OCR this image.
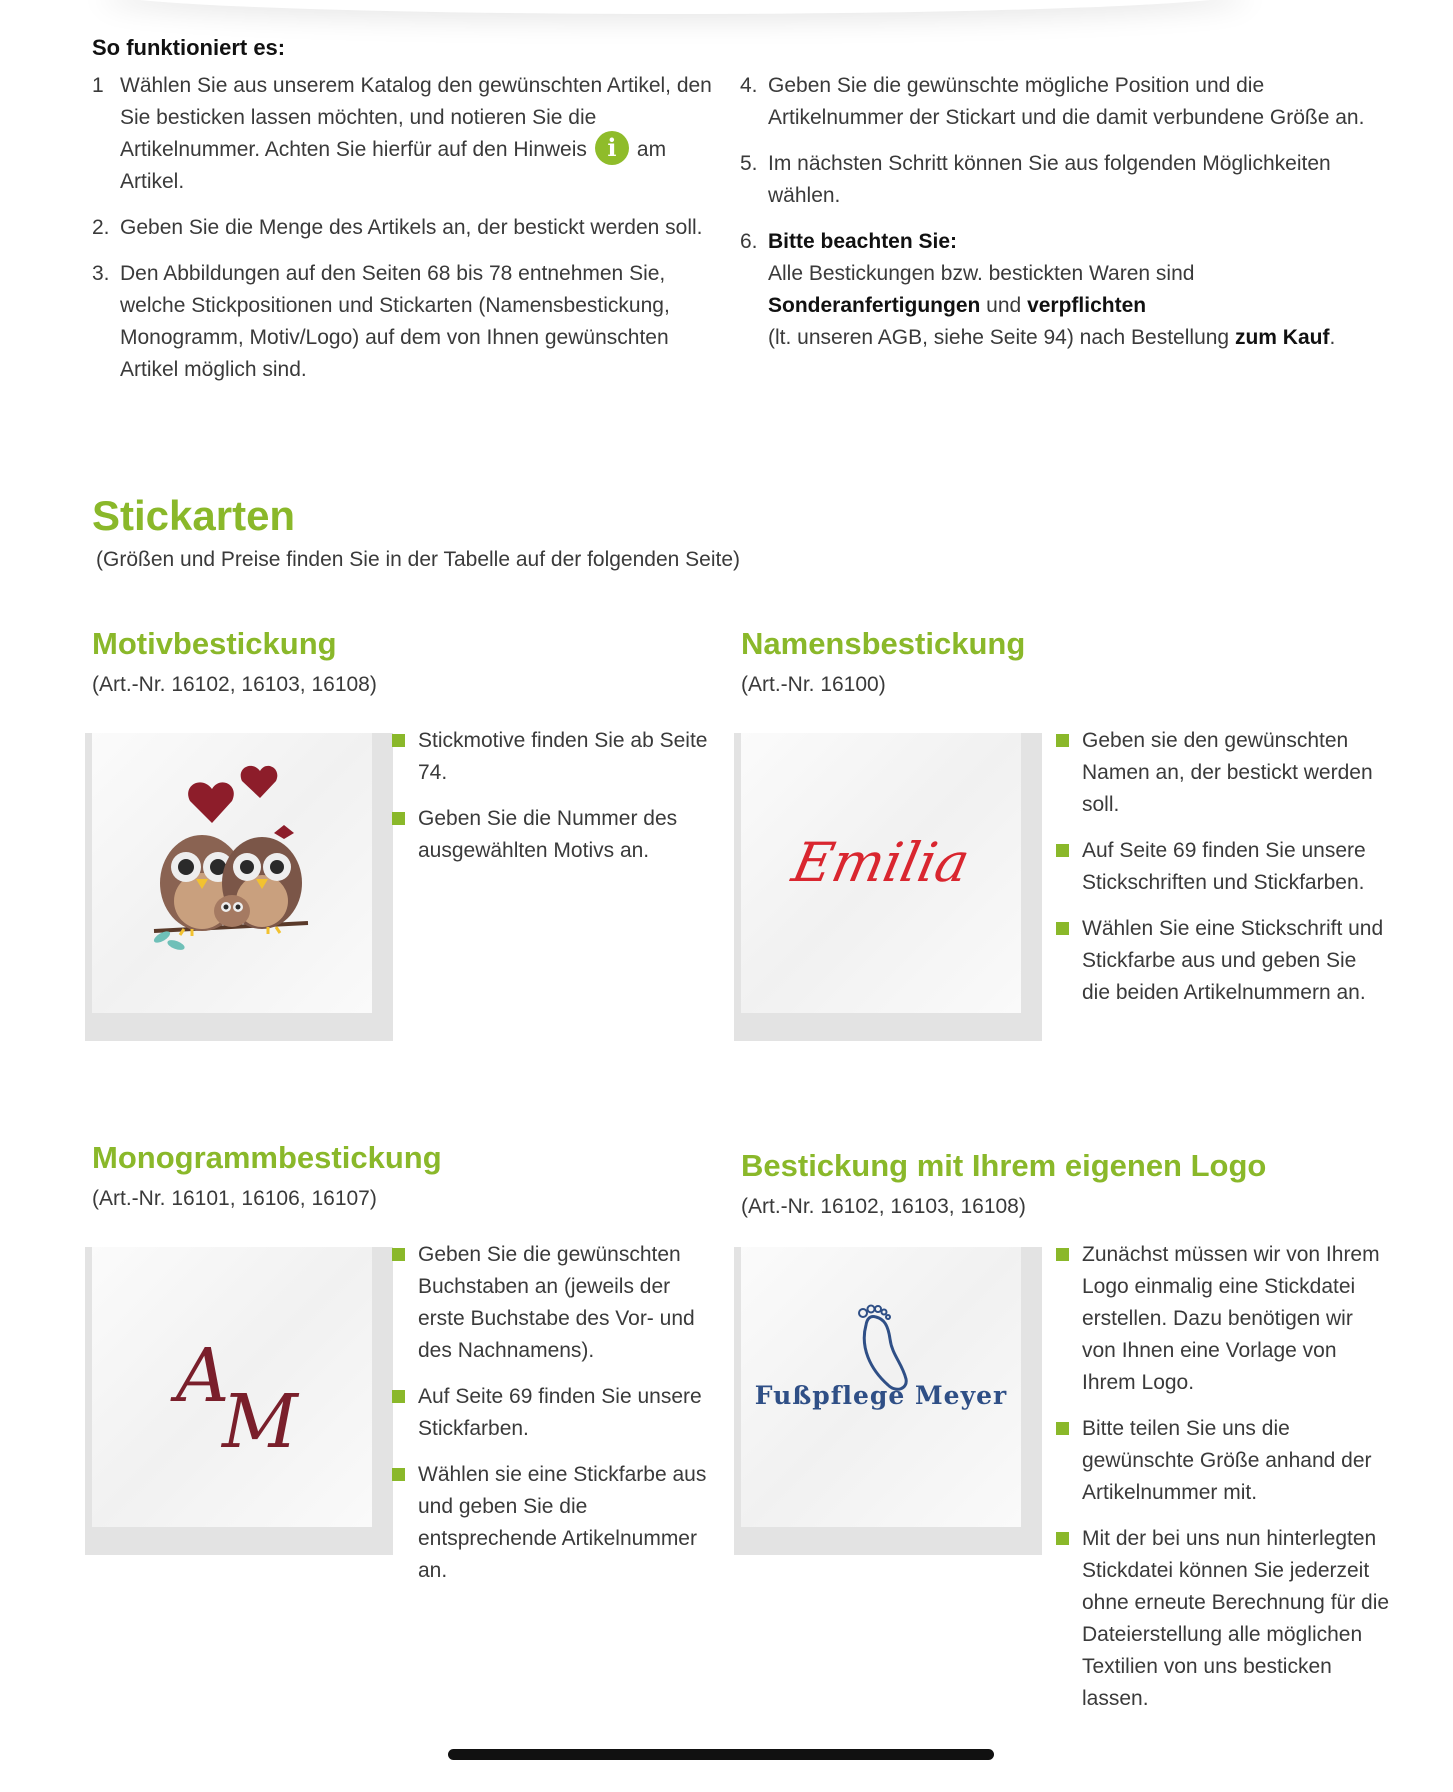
So funktioniert es:
1 Wählen Sie aus unserem Katalog den gewünschten Artikel, den Sie besticken lassen möchten, und notieren Sie die Artikelnummer. Achten Sie hierfür auf den Hinweis i am Artikel.
2. Geben Sie die Menge des Artikels an, der bestickt werden soll.
3. Den Abbildungen auf den Seiten 68 bis 78 entnehmen Sie, welche Stickpositionen und Stickarten (Namensbestickung, Monogramm, Motiv/Logo) auf dem von Ihnen gewünschten Artikel möglich sind.
4. Geben Sie die gewünschte mögliche Position und die Artikelnummer der Stickart und die damit verbundene Größe an.
5. Im nächsten Schritt können Sie aus folgenden Möglichkeiten wählen.
6. Bitte beachten Sie:
Alle Bestickungen bzw. bestickten Waren sind
Sonderanfertigungen und verpflichten
(lt. unseren AGB, siehe Seite 94) nach Bestellung zum Kauf.
Stickarten

(Größen und Preise finden Sie in der Tabelle auf der folgenden Seite)

Motivbestickung

(Art.-Nr. 16102, 16103, 16108)

Stickmotive finden Sie ab Seite 74.
Geben Sie die Nummer des ausgewählten Motivs an.
Namensbestickung

(Art.-Nr. 16100)

Emilia
Geben sie den gewünschten Namen an, der bestickt werden soll.
Auf Seite 69 finden Sie unsere Stickschriften und Stickfarben.
Wählen Sie eine Stickschrift und Stickfarbe aus und geben Sie die beiden Artikelnummern an.
Monogrammbestickung

(Art.-Nr. 16101, 16106, 16107)

A
M
Geben Sie die gewünschten Buchstaben an (jeweils der erste Buchstabe des Vor- und des Nachnamens).
Auf Seite 69 finden Sie unsere Stickfarben.
Wählen sie eine Stickfarbe aus und geben Sie die entsprechende Artikelnummer an.
Bestickung mit Ihrem eigenen Logo

(Art.-Nr. 16102, 16103, 16108)

Fußpflege Meyer
Zunächst müssen wir von Ihrem Logo einmalig eine Stickdatei erstellen. Dazu benötigen wir von Ihnen eine Vorlage von Ihrem Logo.
Bitte teilen Sie uns die gewünschte Größe anhand der Artikelnummer mit.
Mit der bei uns nun hinterlegten Stickdatei können Sie jederzeit ohne erneute Berechnung für die Dateierstellung alle möglichen Textilien von uns besticken lassen.
